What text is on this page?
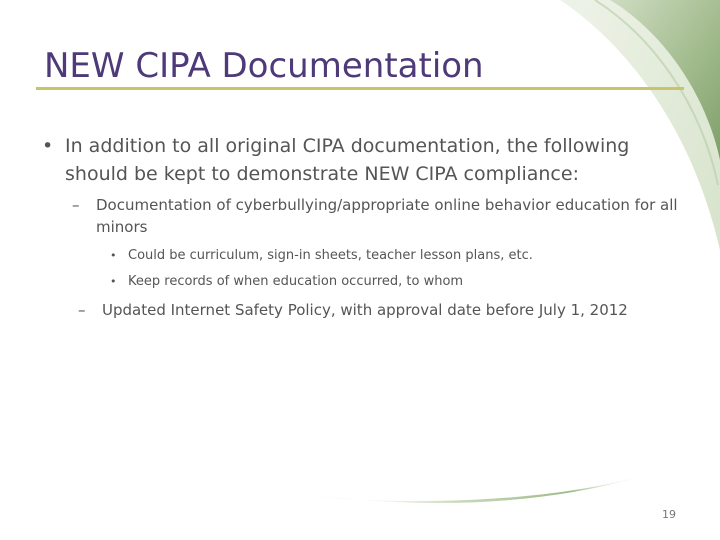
NEW CIPA Documentation
• In addition to all original CIPA documentation, the following should be kept to demonstrate NEW CIPA compliance:
–	Documentation of cyberbullying/appropriate online behavior education for all minors
• Could be curriculum, sign-in sheets, teacher lesson plans, etc.
• Keep records of when education occurred, to whom
–	Updated Internet Safety Policy, with approval date before July 1, 2012
19
